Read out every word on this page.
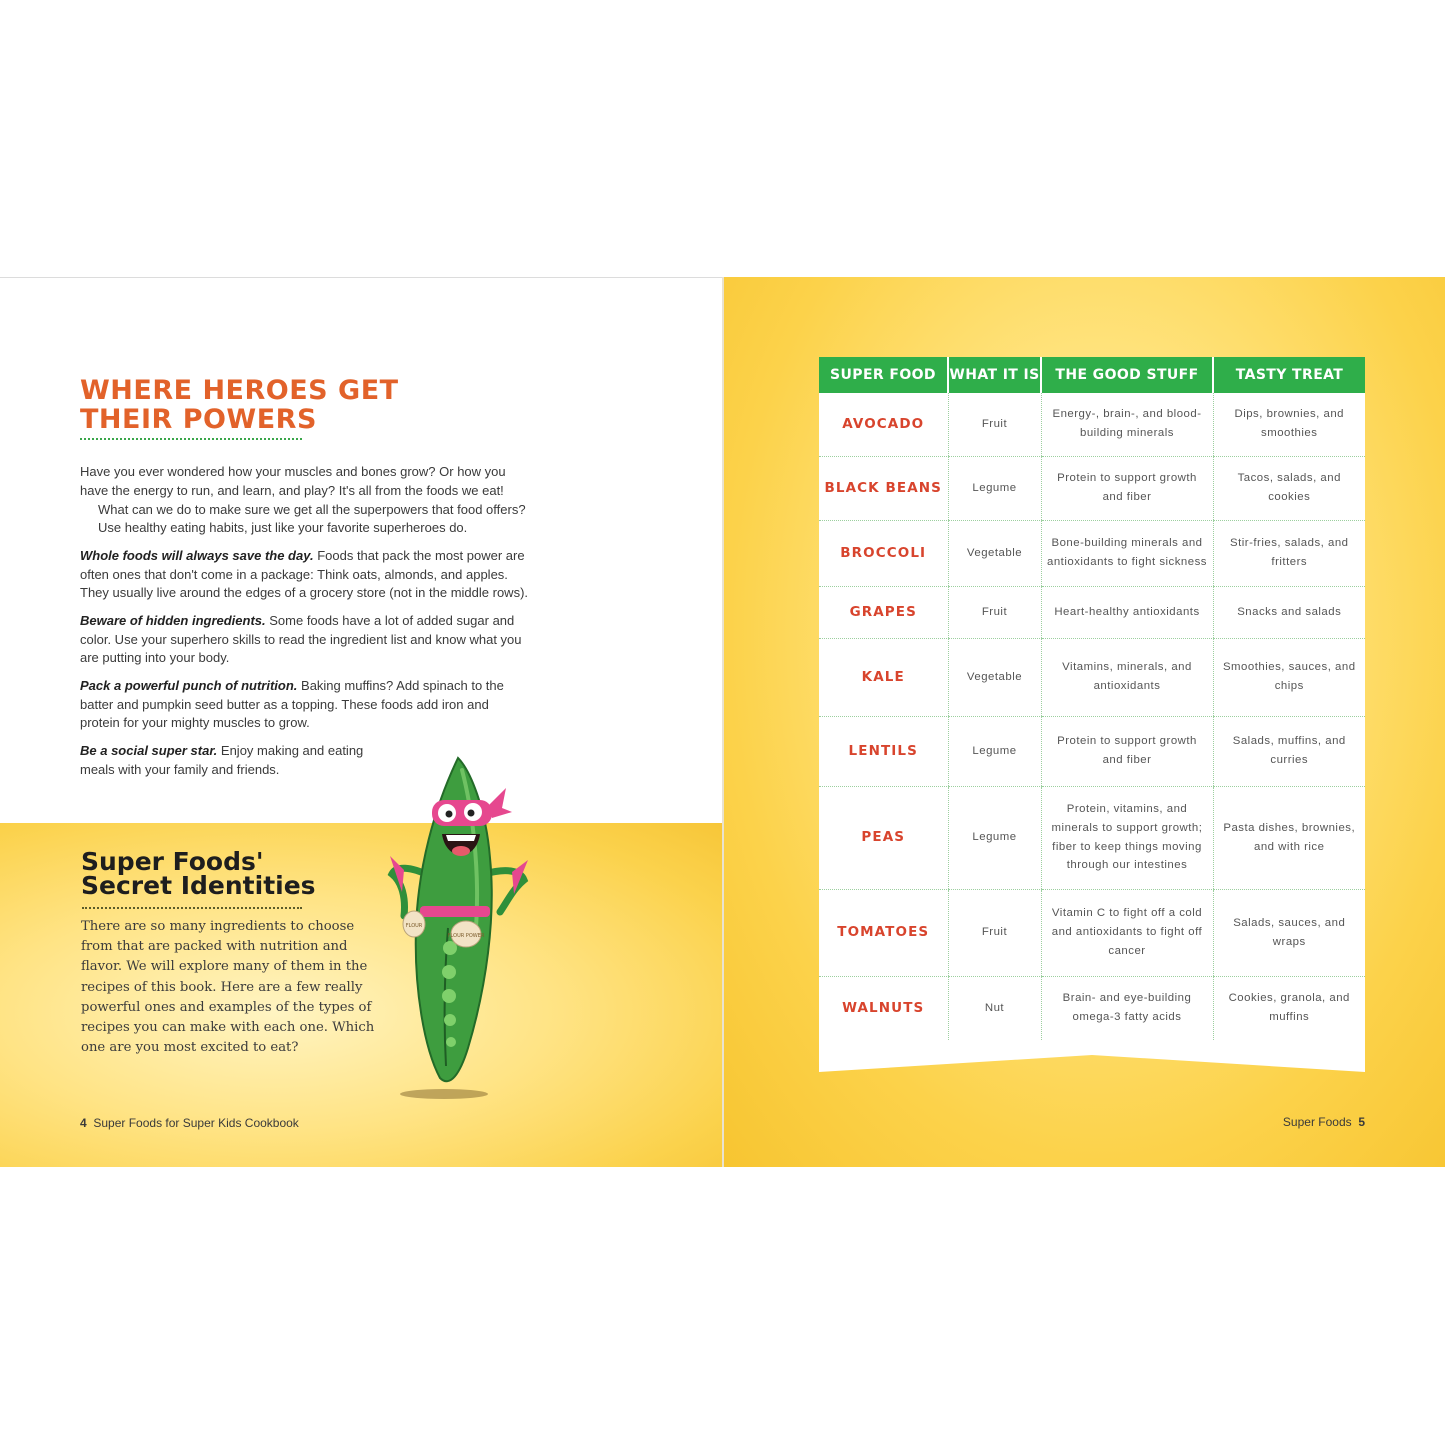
WHERE HEROES GET
THEIR POWERS

Have you ever wondered how your muscles and bones grow? Or how you have the energy to run, and learn, and play? It's all from the foods we eat!

What can we do to make sure we get all the superpowers that food offers? Use healthy eating habits, just like your favorite superheroes do.

Whole foods will always save the day. Foods that pack the most power are often ones that don't come in a package: Think oats, almonds, and apples. They usually live around the edges of a grocery store (not in the middle rows).

Beware of hidden ingredients. Some foods have a lot of added sugar and color. Use your superhero skills to read the ingredient list and know what you are putting into your body.

Pack a powerful punch of nutrition. Baking muffins? Add spinach to the batter and pumpkin seed butter as a topping. These foods add iron and protein for your mighty muscles to grow.

Be a social super star. Enjoy making and eating meals with your family and friends.

Super Foods'
Secret Identities

There are so many ingredients to choose from that are packed with nutrition and flavor. We will explore many of them in the recipes of this book. Here are a few really powerful ones and examples of the types of recipes you can make with each one. Which one are you most excited to eat?

FLOUR
FLOUR POWER
4 Super Foods for Super Kids Cookbook
SUPER FOOD	WHAT IT IS	THE GOOD STUFF	TASTY TREAT
AVOCADO	Fruit	Energy-, brain-, and blood-building minerals	Dips, brownies, and smoothies
BLACK BEANS	Legume	Protein to support growth and fiber	Tacos, salads, and cookies
BROCCOLI	Vegetable	Bone-building minerals and antioxidants to fight sickness	Stir-fries, salads, and fritters
GRAPES	Fruit	Heart-healthy antioxidants	Snacks and salads
KALE	Vegetable	Vitamins, minerals, and antioxidants	Smoothies, sauces, and chips
LENTILS	Legume	Protein to support growth and fiber	Salads, muffins, and curries
PEAS	Legume	Protein, vitamins, and minerals to support growth; fiber to keep things moving through our intestines	Pasta dishes, brownies, and with rice
TOMATOES	Fruit	Vitamin C to fight off a cold and antioxidants to fight off cancer	Salads, sauces, and wraps
WALNUTS	Nut	Brain- and eye-building omega-3 fatty acids	Cookies, granola, and muffins
Super Foods 5
